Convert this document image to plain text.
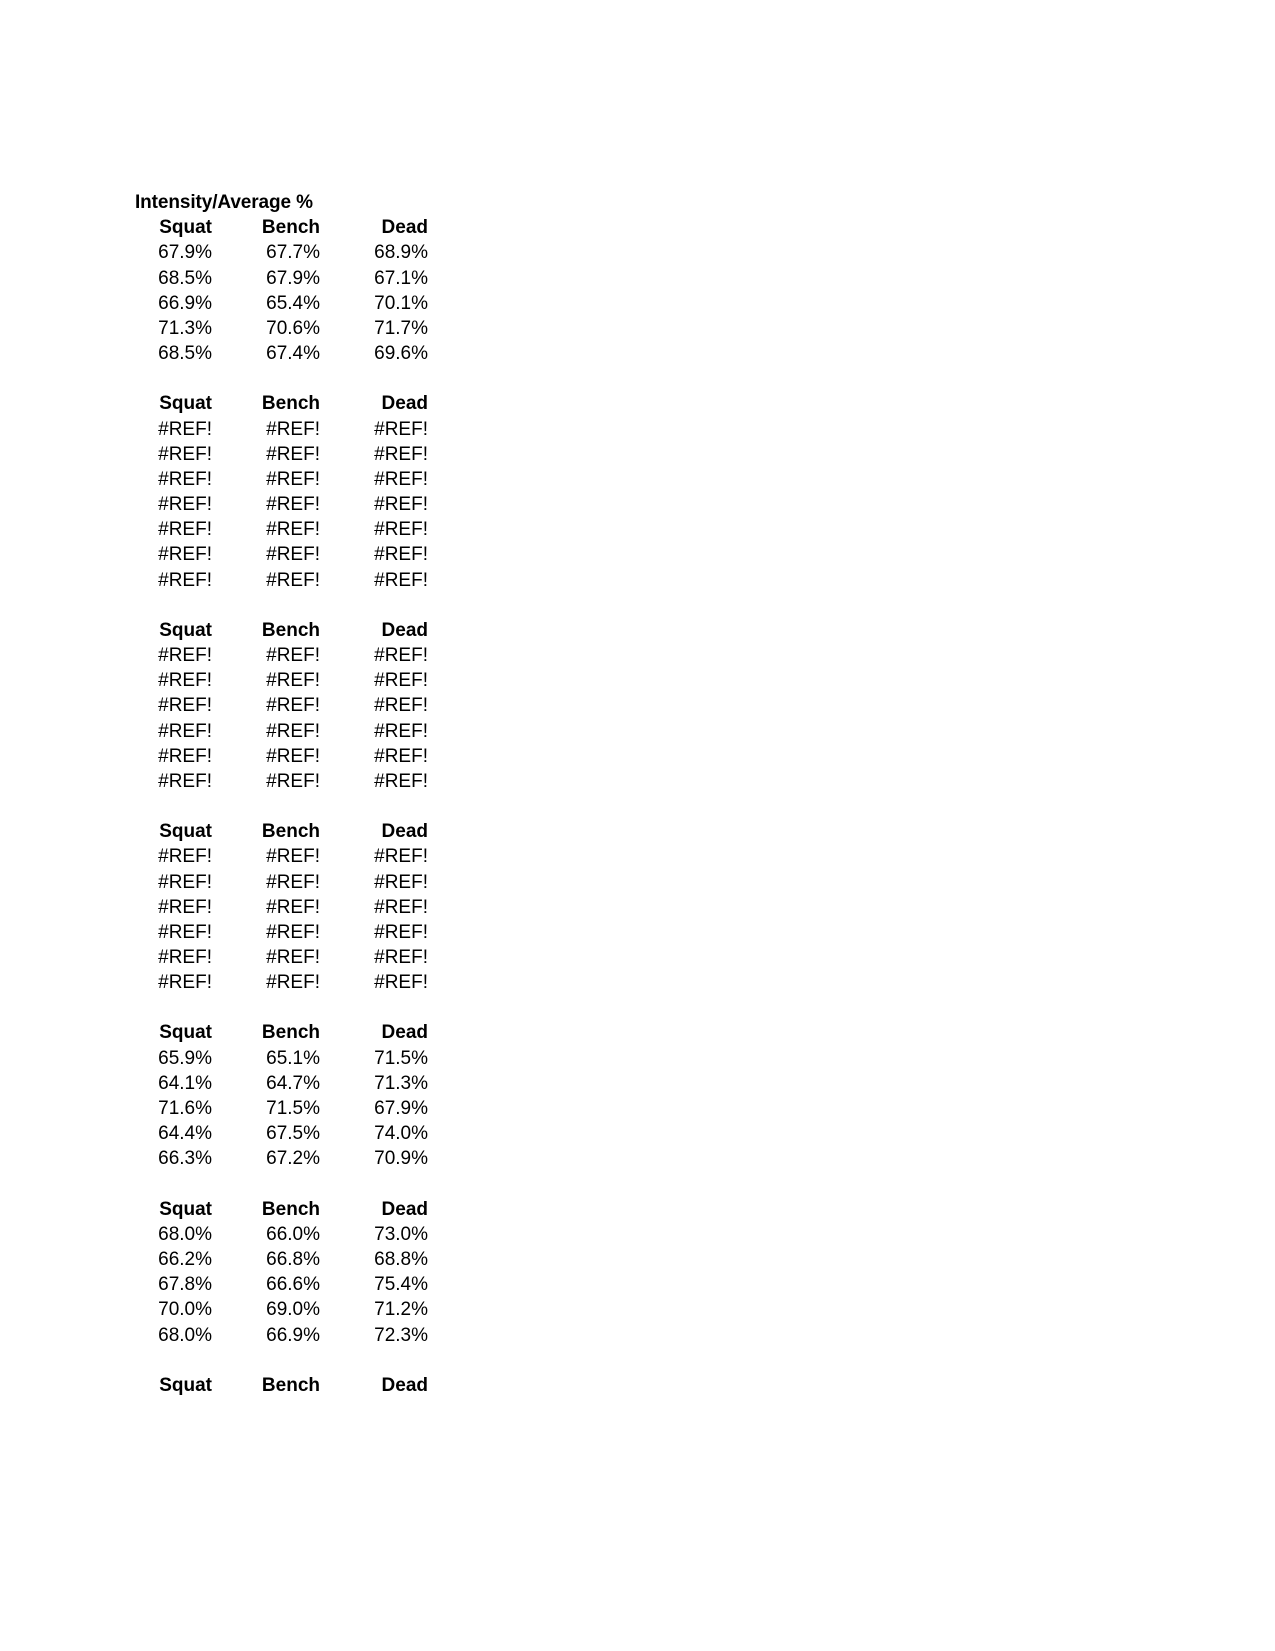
Intensity/Average %
Squat	Bench	Dead
67.9%	67.7%	68.9%
68.5%	67.9%	67.1%
66.9%	65.4%	70.1%
71.3%	70.6%	71.7%
68.5%	67.4%	69.6%
Squat	Bench	Dead
#REF!	#REF!	#REF!
#REF!	#REF!	#REF!
#REF!	#REF!	#REF!
#REF!	#REF!	#REF!
#REF!	#REF!	#REF!
#REF!	#REF!	#REF!
#REF!	#REF!	#REF!
Squat	Bench	Dead
#REF!	#REF!	#REF!
#REF!	#REF!	#REF!
#REF!	#REF!	#REF!
#REF!	#REF!	#REF!
#REF!	#REF!	#REF!
#REF!	#REF!	#REF!
Squat	Bench	Dead
#REF!	#REF!	#REF!
#REF!	#REF!	#REF!
#REF!	#REF!	#REF!
#REF!	#REF!	#REF!
#REF!	#REF!	#REF!
#REF!	#REF!	#REF!
Squat	Bench	Dead
65.9%	65.1%	71.5%
64.1%	64.7%	71.3%
71.6%	71.5%	67.9%
64.4%	67.5%	74.0%
66.3%	67.2%	70.9%
Squat	Bench	Dead
68.0%	66.0%	73.0%
66.2%	66.8%	68.8%
67.8%	66.6%	75.4%
70.0%	69.0%	71.2%
68.0%	66.9%	72.3%
Squat	Bench	Dead
